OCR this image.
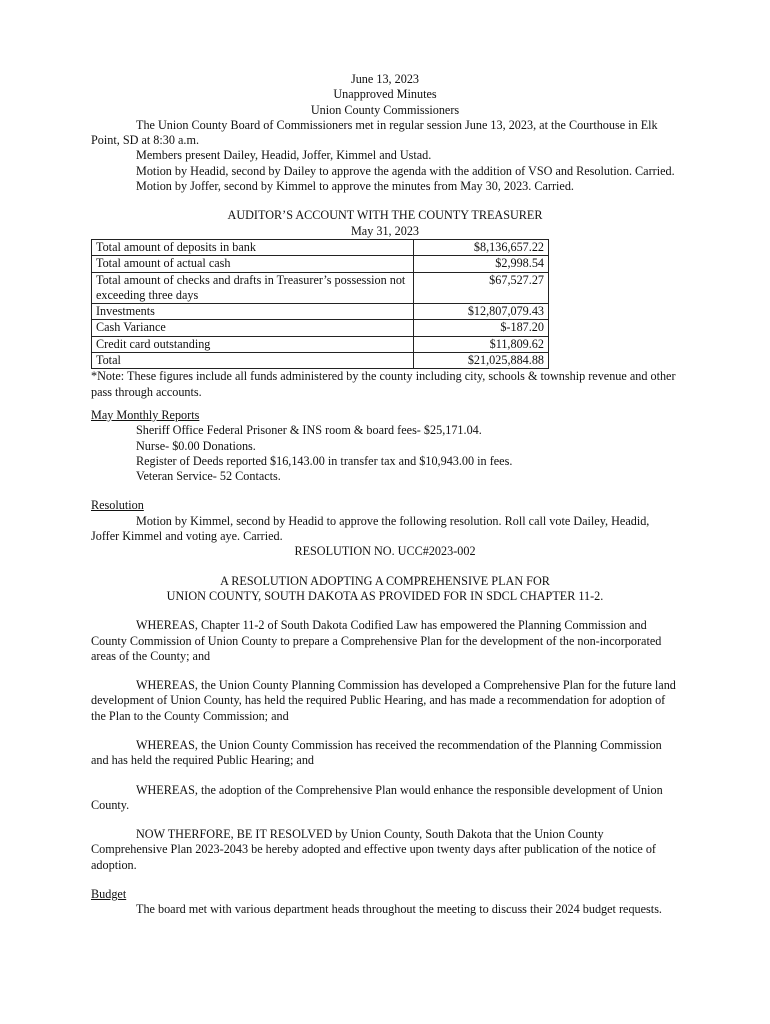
June 13, 2023

Unapproved Minutes

Union County Commissioners

The Union County Board of Commissioners met in regular session June 13, 2023, at the Courthouse in Elk Point, SD at 8:30 a.m.

Members present Dailey, Headid, Joffer, Kimmel and Ustad.

Motion by Headid, second by Dailey to approve the agenda with the addition of VSO and Resolution. Carried.

Motion by Joffer, second by Kimmel to approve the minutes from May 30, 2023. Carried.

AUDITOR’S ACCOUNT WITH THE COUNTY TREASURER

May 31, 2023

Total amount of deposits in bank	$8,136,657.22
Total amount of actual cash	$2,998.54
Total amount of checks and drafts in Treasurer’s possession not exceeding three days	$67,527.27
Investments	$12,807,079.43
Cash Variance	$-187.20
Credit card outstanding	$11,809.62
Total	$21,025,884.88

*Note: These figures include all funds administered by the county including city, schools & township revenue and other pass through accounts.

May Monthly Reports

Sheriff Office Federal Prisoner & INS room & board fees- $25,171.04.

Nurse- $0.00 Donations.

Register of Deeds reported $16,143.00 in transfer tax and $10,943.00 in fees.

Veteran Service- 52 Contacts.

Resolution

Motion by Kimmel, second by Headid to approve the following resolution. Roll call vote Dailey, Headid, Joffer Kimmel and voting aye. Carried.

RESOLUTION NO. UCC#2023-002

A RESOLUTION ADOPTING A COMPREHENSIVE PLAN FOR

UNION COUNTY, SOUTH DAKOTA AS PROVIDED FOR IN SDCL CHAPTER 11-2.

WHEREAS, Chapter 11-2 of South Dakota Codified Law has empowered the Planning Commission and County Commission of Union County to prepare a Comprehensive Plan for the development of the non-incorporated areas of the County; and

WHEREAS, the Union County Planning Commission has developed a Comprehensive Plan for the future land development of Union County, has held the required Public Hearing, and has made a recommendation for adoption of the Plan to the County Commission; and

WHEREAS, the Union County Commission has received the recommendation of the Planning Commission and has held the required Public Hearing; and

WHEREAS, the adoption of the Comprehensive Plan would enhance the responsible development of Union County.

NOW THERFORE, BE IT RESOLVED by Union County, South Dakota that the Union County Comprehensive Plan 2023-2043 be hereby adopted and effective upon twenty days after publication of the notice of adoption.

Budget

The board met with various department heads throughout the meeting to discuss their 2024 budget requests.
